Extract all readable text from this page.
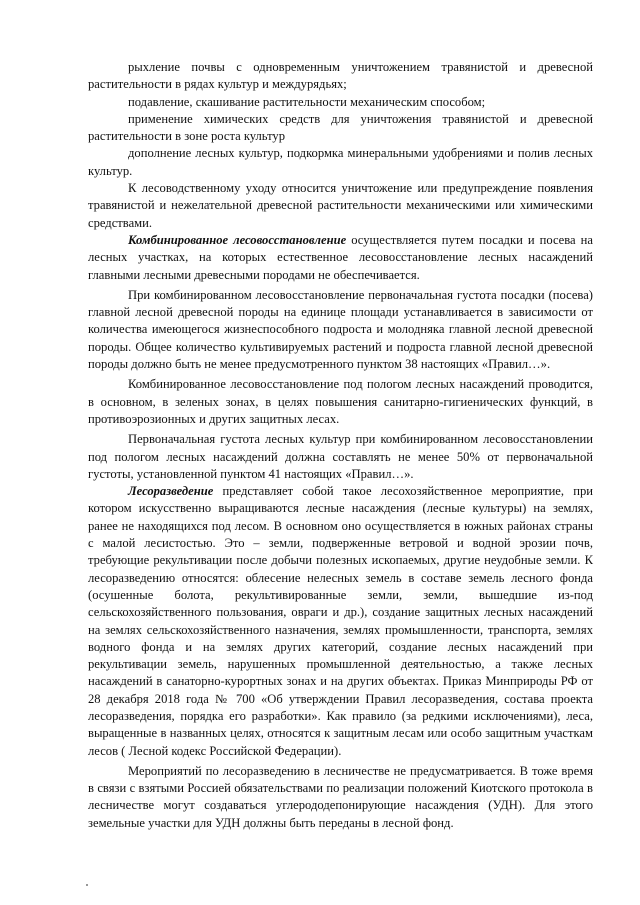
рыхление почвы с одновременным уничтожением травянистой и древесной растительности в рядах культур и междурядьях;

подавление, скашивание растительности механическим способом;

применение химических средств для уничтожения травянистой и древесной растительности в зоне роста культур

дополнение лесных культур, подкормка минеральными удобрениями и полив лесных культур.

К лесоводственному уходу относится уничтожение или предупреждение появления травянистой и нежелательной древесной растительности механическими или химическими средствами.

Комбинированное лесовосстановление осуществляется путем посадки и посева на лесных участках, на которых естественное лесовосстановление лесных насаждений главными лесными древесными породами не обеспечивается.

При комбинированном лесовосстановление первоначальная густота посадки (посева) главной лесной древесной породы на единице площади устанавливается в зависимости от количества имеющегося жизнеспособного подроста и молодняка главной лесной древесной породы. Общее количество культивируемых растений и подроста главной лесной древесной породы должно быть не менее предусмотренного пунктом 38 настоящих «Правил…».

Комбинированное лесовосстановление под пологом лесных насаждений проводится, в основном, в зеленых зонах, в целях повышения санитарно-гигиенических функций, в противоэрозионных и других защитных лесах.

Первоначальная густота лесных культур при комбинированном лесовосстановлении под пологом лесных насаждений должна составлять не менее 50% от первоначальной густоты, установленной пунктом 41 настоящих «Правил…».

Лесоразведение представляет собой такое лесохозяйственное мероприятие, при котором искусственно выращиваются лесные насаждения (лесные культуры) на землях, ранее не находящихся под лесом. В основном оно осуществляется в южных районах страны с малой лесистостью. Это – земли, подверженные ветровой и водной эрозии почв, требующие рекультивации после добычи полезных ископаемых, другие неудобные земли. К лесоразведению относятся: облесение нелесных земель в составе земель лесного фонда (осушенные болота, рекультивированные земли, земли, вышедшие из-под сельскохозяйственного пользования, овраги и др.), создание защитных лесных насаждений на землях сельскохозяйственного назначения, землях промышленности, транспорта, землях водного фонда и на землях других категорий, создание лесных насаждений при рекультивации земель, нарушенных промышленной деятельностью, а также лесных насаждений в санаторно-курортных зонах и на других объектах. Приказ Минприроды РФ от 28 декабря 2018 года № 700 «Об утверждении Правил лесоразведения, состава проекта лесоразведения, порядка его разработки». Как правило (за редкими исключениями), леса, выращенные в названных целях, относятся к защитным лесам или особо защитным участкам лесов ( Лесной кодекс Российской Федерации).

Мероприятий по лесоразведению в лесничестве не предусматривается. В тоже время в связи с взятыми Россией обязательствами по реализации положений Киотского протокола в лесничестве могут создаваться углерододепонирующие насаждения (УДН). Для этого земельные участки для УДН должны быть переданы в лесной фонд.
